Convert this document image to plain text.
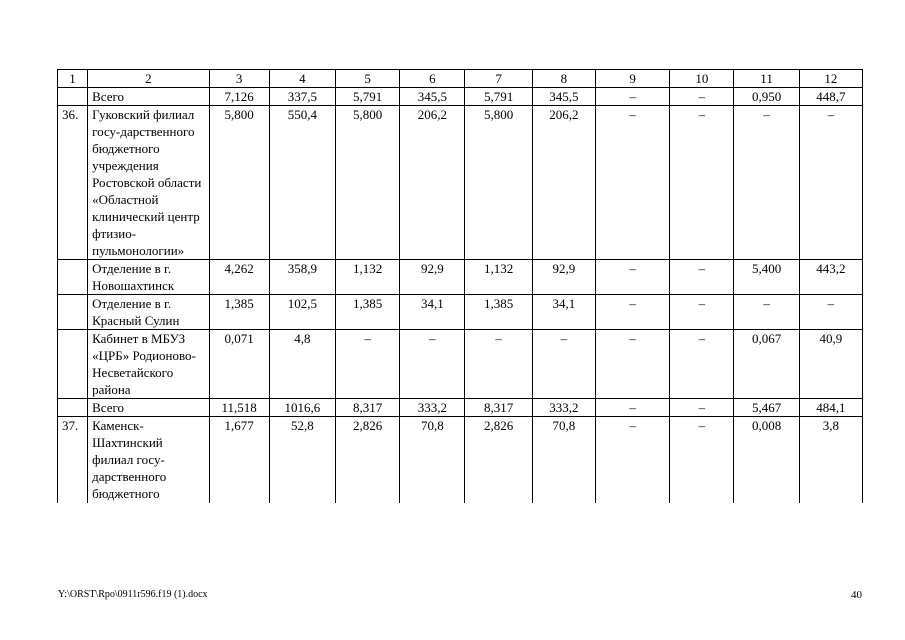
1	2	3	4	5	6	7	8	9	10	11	12
	Всего	7,126	337,5	5,791	345,5	5,791	345,5	–	–	0,950	448,7
36.	Гуковский филиал госу-дарственного бюджетного учреждения Ростовской области «Областной клинический центр фтизио-пульмонологии»	5,800	550,4	5,800	206,2	5,800	206,2	–	–	–	–
	Отделение в г. Новошахтинск	4,262	358,9	1,132	92,9	1,132	92,9	–	–	5,400	443,2
	Отделение в г. Красный Сулин	1,385	102,5	1,385	34,1	1,385	34,1	–	–	–	–
	Кабинет в МБУЗ «ЦРБ» Родионово-Несветайского района	0,071	4,8	–	–	–	–	–	–	0,067	40,9
	Всего	11,518	1016,6	8,317	333,2	8,317	333,2	–	–	5,467	484,1
37.	Каменск-Шахтинский филиал госу-дарственного бюджетного	1,677	52,8	2,826	70,8	2,826	70,8	–	–	0,008	3,8
Y:\ORST\Rpo\0911r596.f19 (1).docx	40
